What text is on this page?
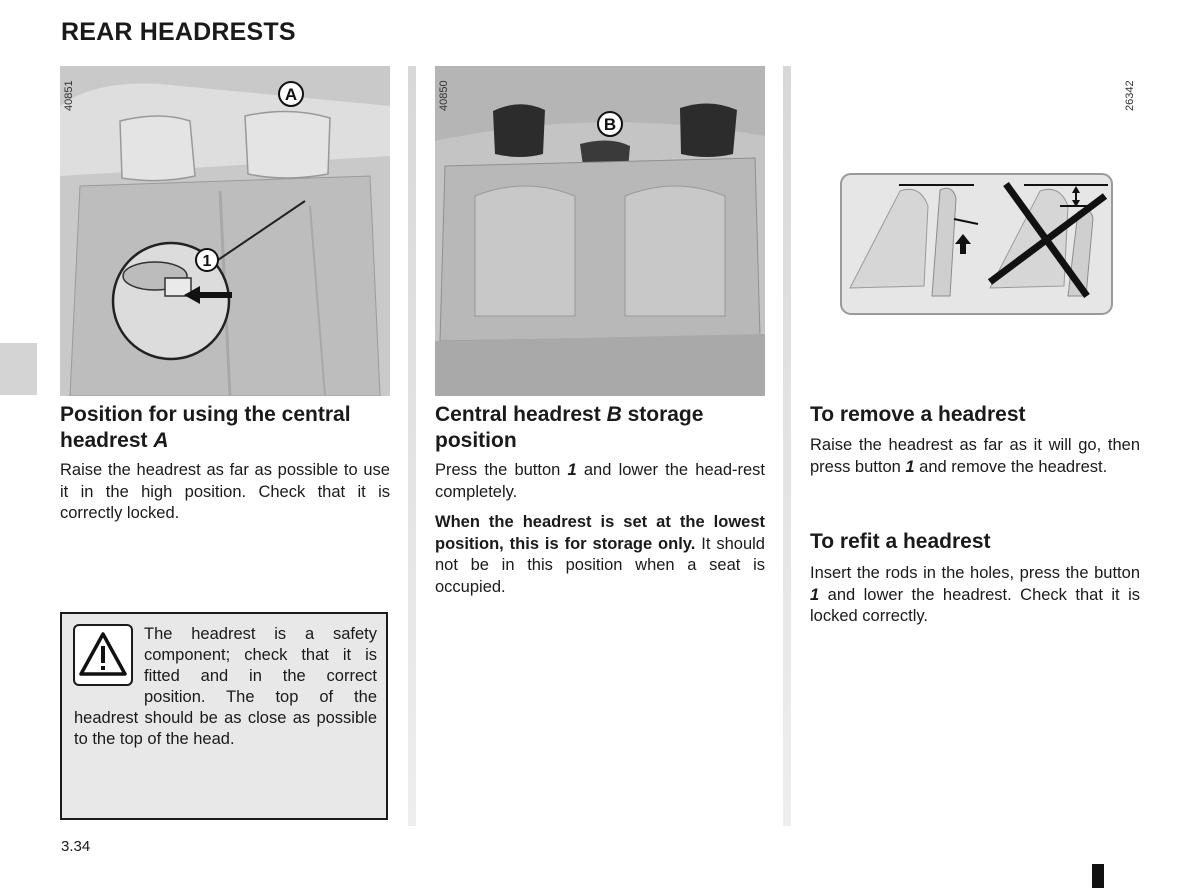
REAR HEADRESTS
1
A
40851
B
40850	26342
Position for using the central headrest A

Raise the headrest as far as possible to use it in the high position. Check that it is correctly locked.

The headrest is a safety component; check that it is fitted and in the correct position. The top of the headrest should be as close as possible to the top of the head.

Central headrest B storage position

Press the button 1 and lower the head-rest completely.

When the headrest is set at the lowest position, this is for storage only. It should not be in this position when a seat is occupied.

To remove a headrest

Raise the headrest as far as it will go, then press button 1 and remove the headrest.

To refit a headrest

Insert the rods in the holes, press the button 1 and lower the headrest. Check that it is locked correctly.

3.34
